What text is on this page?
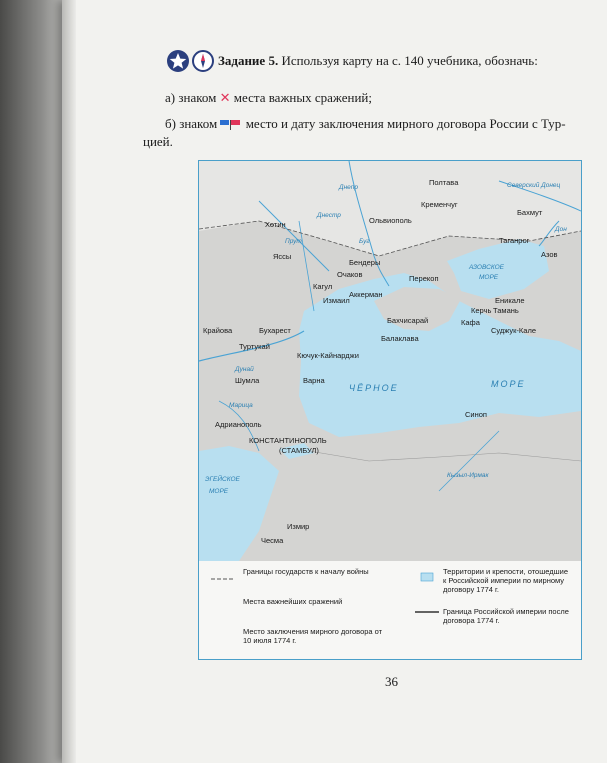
Задание 5. Используя карту на с. 140 учебника, обозначь:
а) знаком ✕ места важных сражений;
б) знаком место и дату заключения мирного договора России с Тур-
цией.
Полтава
Кременчуг
Бахмут
Ольвиополь
Хотин
Таганрог
Азов
Яссы
Бендеры
Очаков	Перекоп
Кагул
Измаил
Аккерман
Еникале
Тамань
Бахчисарай
Керчь
Крайова	Бухарест
Балаклава
Кафа
Суджук-Кале
Туртукай
Кючук-Кайнарджи
Шумла	Варна
Синоп
Адрианополь
КОНСТАНТИНОПОЛЬ
(СТАМБУЛ)
Измир
Чесма
Северский Донец
Днепр
Днестр
Дон
Буг
Прут
Дунай
Марица
Кызыл-Ирмак
ЧЁРНОЕ	МОРЕ
АЗОВСКОЕ
МОРЕ
ЭГЕЙСКОЕ
МОРЕ
Границы государств к началу войны
Места важнейших сражений
Место заключения мирного договора от 10 июля 1774 г.
Территории и крепости, отошедшие к Российской империи по мирному договору 1774 г.
Граница Российской империи после договора 1774 г.
36
